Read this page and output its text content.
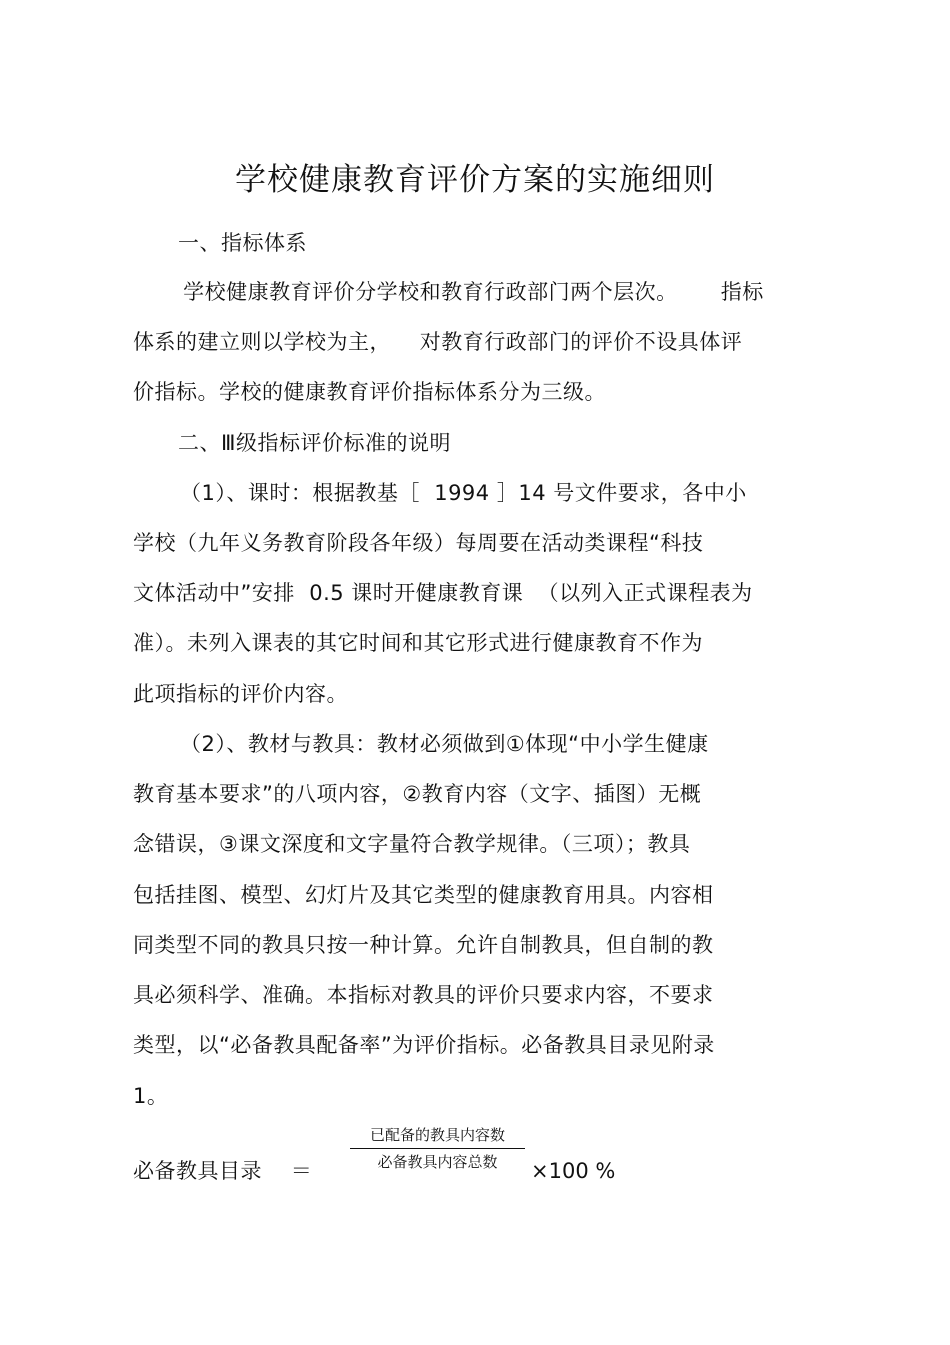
学校健康教育评价方案的实施细则
一、指标体系
学校健康教育评价分学校和教育行政部门两个层次。      指标
体系的建立则以学校为主，    对教育行政部门的评价不设具体评
价指标。学校的健康教育评价指标体系分为三级。
二、Ⅲ级指标评价标准的说明
（1）、课时：根据教基［  1994 ］14 号文件要求，各中小
学校（九年义务教育阶段各年级）每周要在活动类课程“科技
文体活动中”安排  0.5 课时开健康教育课  （以列入正式课程表为
准）。未列入课表的其它时间和其它形式进行健康教育不作为
此项指标的评价内容。
（2）、教材与教具：教材必须做到①体现“中小学生健康
教育基本要求”的八项内容，②教育内容（文字、插图）无概
念错误，③课文深度和文字量符合教学规律。（三项）；教具
包括挂图、模型、幻灯片及其它类型的健康教育用具。内容相
同类型不同的教具只按一种计算。允许自制教具，但自制的教
具必须科学、准确。本指标对教具的评价只要求内容，不要求
类型，以“必备教具配备率”为评价指标。必备教具目录见附录
1。
必备教具目录    ＝
已配备的教具内容数
必备教具内容总数	×100 %
